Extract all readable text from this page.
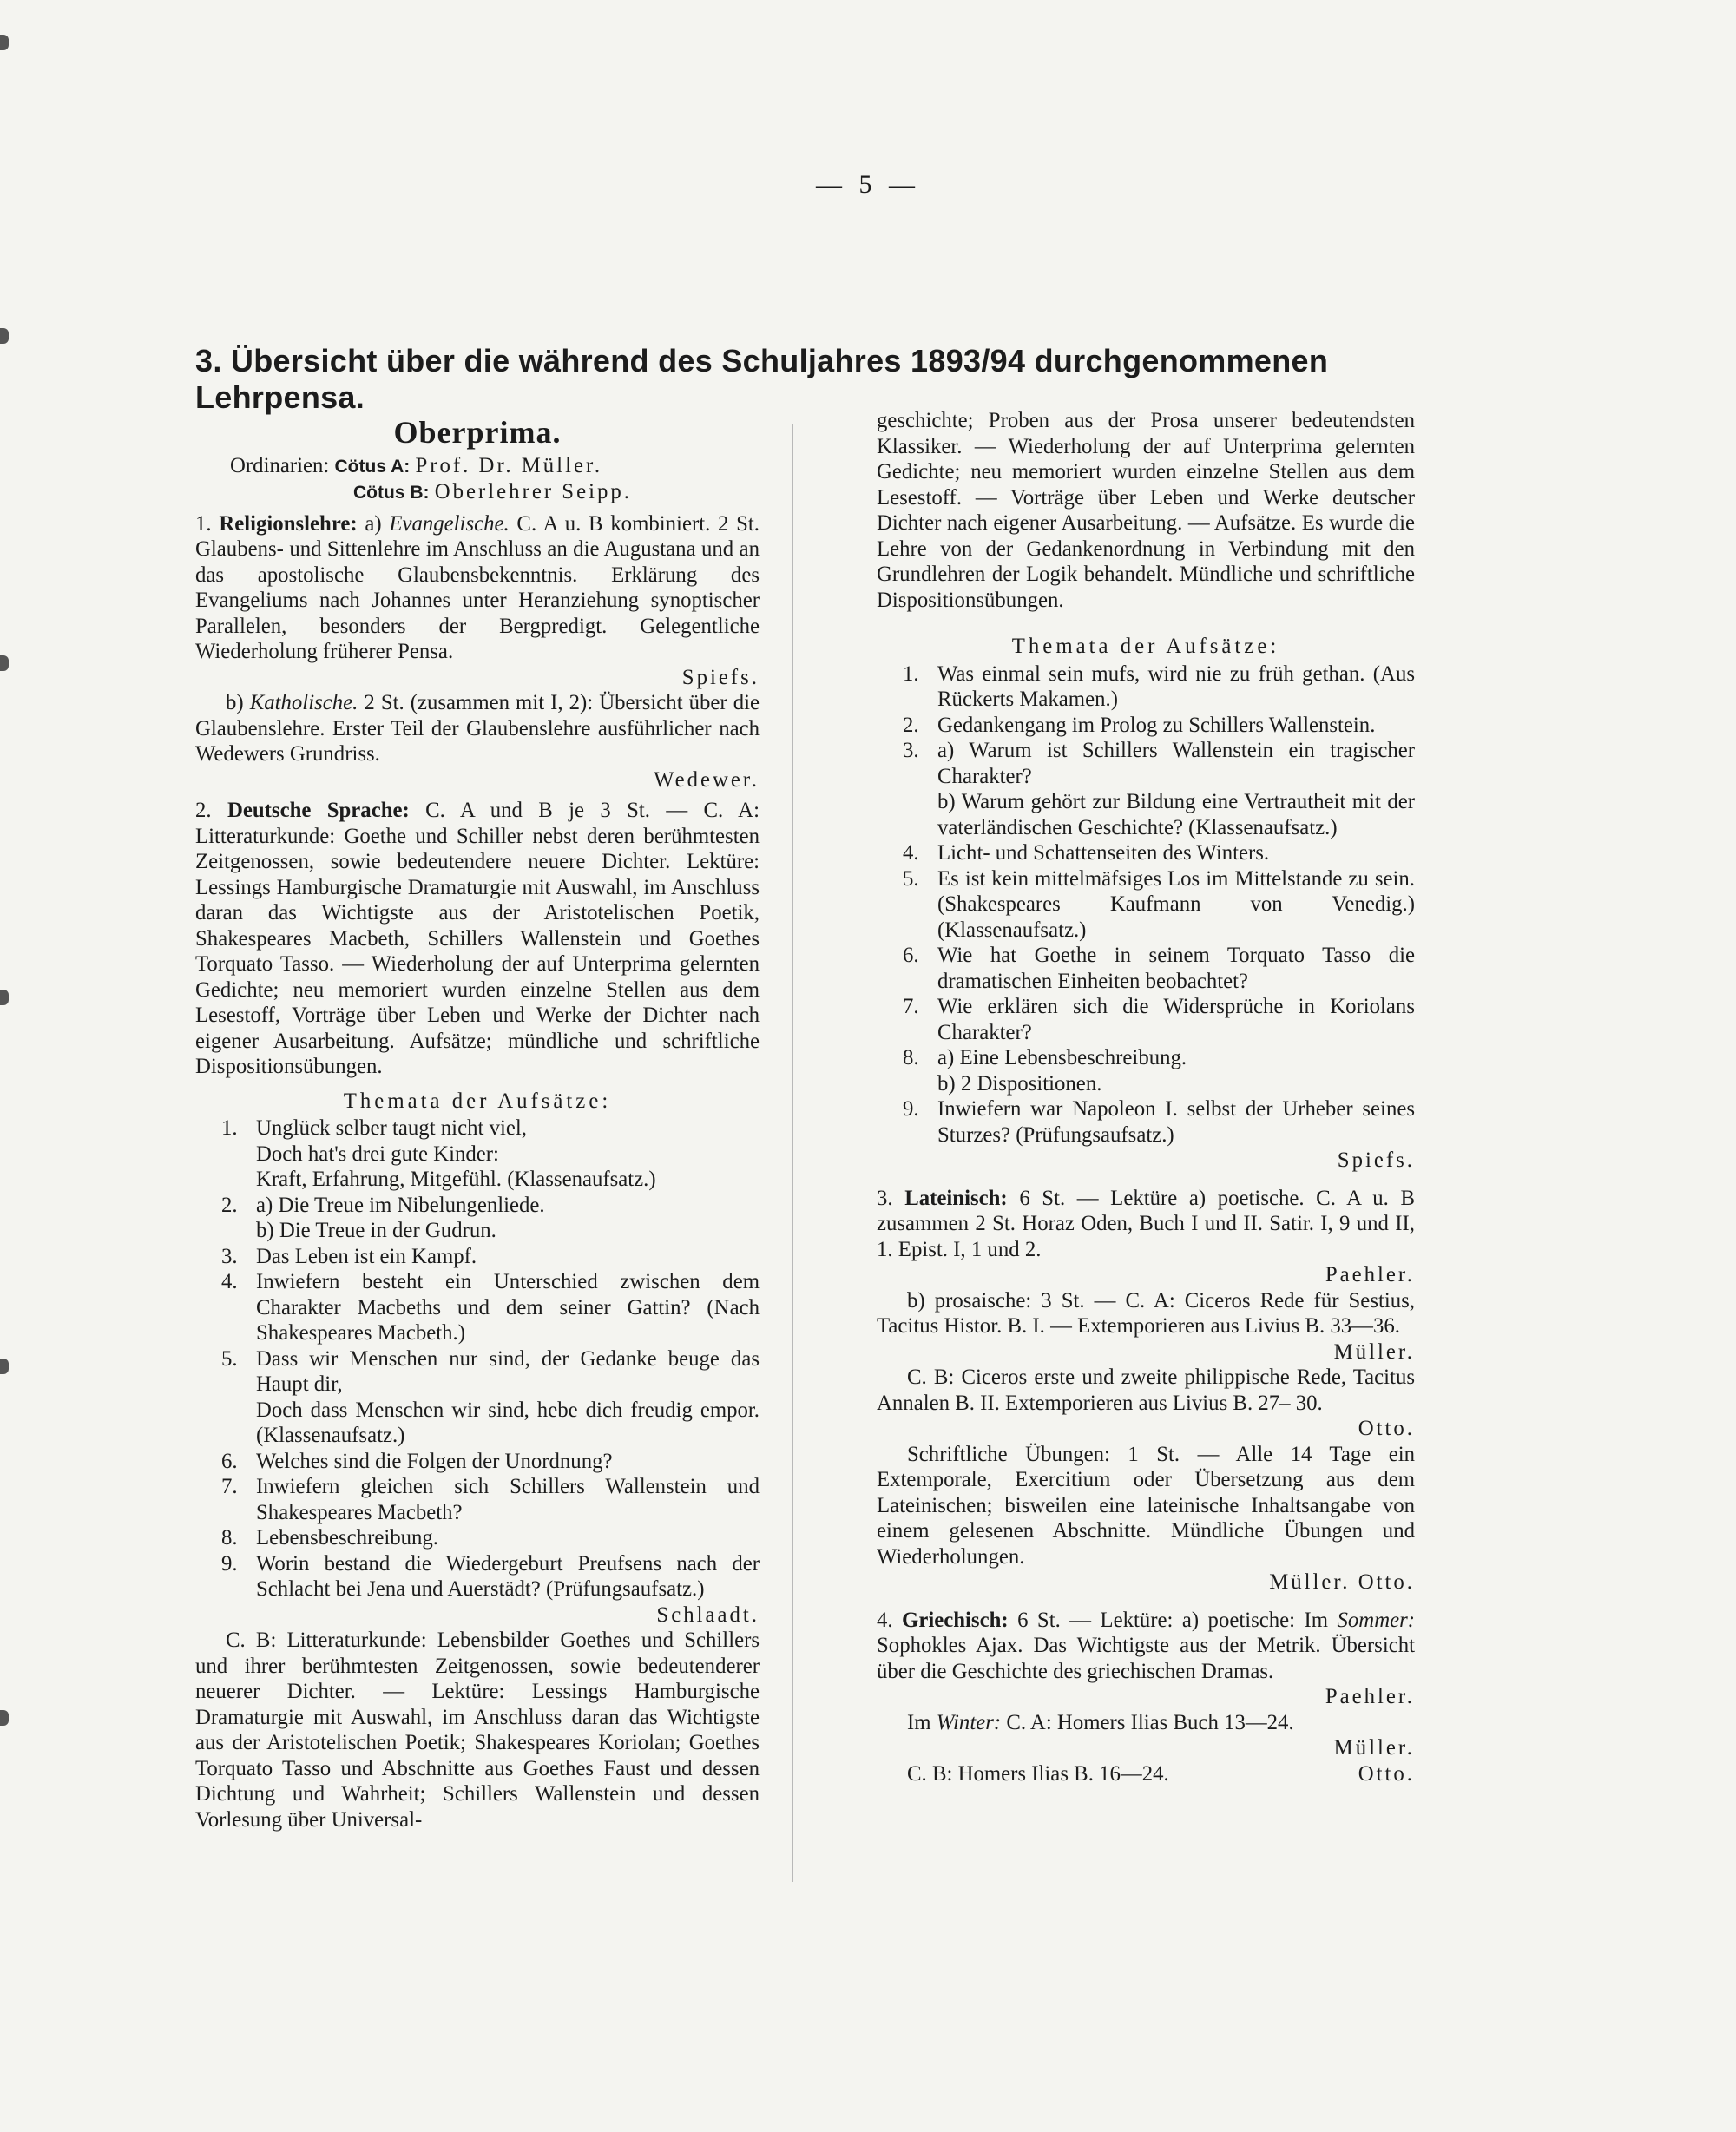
— 5 —
3. Übersicht über die während des Schuljahres 1893/94 durchgenommenen Lehrpensa.
Oberprima.

Ordinarien: Cötus A: Prof. Dr. Müller.

Cötus B: Oberlehrer Seipp.

1. Religionslehre: a) Evangelische. C. A u. B kombiniert. 2 St. Glaubens- und Sittenlehre im Anschluss an die Augustana und an das apostolische Glaubensbekenntnis. Erklärung des Evangeliums nach Johannes unter Heranziehung synoptischer Parallelen, besonders der Bergpredigt. Gelegentliche Wiederholung früherer Pensa.

Spiefs.

b) Katholische. 2 St. (zusammen mit I, 2): Übersicht über die Glaubenslehre. Erster Teil der Glaubenslehre ausführlicher nach Wedewers Grundriss.

Wedewer.

2. Deutsche Sprache: C. A und B je 3 St. — C. A: Litteraturkunde: Goethe und Schiller nebst deren berühmtesten Zeitgenossen, sowie bedeutendere neuere Dichter. Lektüre: Lessings Hamburgische Dramaturgie mit Auswahl, im Anschluss daran das Wichtigste aus der Aristotelischen Poetik, Shakespeares Macbeth, Schillers Wallenstein und Goethes Torquato Tasso. — Wiederholung der auf Unterprima gelernten Gedichte; neu memoriert wurden einzelne Stellen aus dem Lesestoff, Vorträge über Leben und Werke der Dichter nach eigener Ausarbeitung. Aufsätze; mündliche und schriftliche Dispositionsübungen.

Themata der Aufsätze:
1. Unglück selber taugt nicht viel,
Doch hat's drei gute Kinder:
Kraft, Erfahrung, Mitgefühl. (Klassenaufsatz.)
2. a) Die Treue im Nibelungenliede.
b) Die Treue in der Gudrun.
3. Das Leben ist ein Kampf.
4. Inwiefern besteht ein Unterschied zwischen dem Charakter Macbeths und dem seiner Gattin? (Nach Shakespeares Macbeth.)
5. Dass wir Menschen nur sind, der Gedanke beuge das Haupt dir,
Doch dass Menschen wir sind, hebe dich freudig empor. (Klassenaufsatz.)
6. Welches sind die Folgen der Unordnung?
7. Inwiefern gleichen sich Schillers Wallenstein und Shakespeares Macbeth?
8. Lebensbeschreibung.
9. Worin bestand die Wiedergeburt Preufsens nach der Schlacht bei Jena und Auerstädt? (Prüfungsaufsatz.)

Schlaadt.

C. B: Litteraturkunde: Lebensbilder Goethes und Schillers und ihrer berühmtesten Zeitgenossen, sowie bedeutenderer neuerer Dichter. — Lektüre: Lessings Hamburgische Dramaturgie mit Auswahl, im Anschluss daran das Wichtigste aus der Aristotelischen Poetik; Shakespeares Koriolan; Goethes Torquato Tasso und Abschnitte aus Goethes Faust und dessen Dichtung und Wahrheit; Schillers Wallenstein und dessen Vorlesung über Universal-

geschichte; Proben aus der Prosa unserer bedeutendsten Klassiker. — Wiederholung der auf Unterprima gelernten Gedichte; neu memoriert wurden einzelne Stellen aus dem Lesestoff. — Vorträge über Leben und Werke deutscher Dichter nach eigener Ausarbeitung. — Aufsätze. Es wurde die Lehre von der Gedankenordnung in Verbindung mit den Grundlehren der Logik behandelt. Mündliche und schriftliche Dispositionsübungen.

Themata der Aufsätze:
1. Was einmal sein mufs, wird nie zu früh gethan. (Aus Rückerts Makamen.)
2. Gedankengang im Prolog zu Schillers Wallenstein.
3. a) Warum ist Schillers Wallenstein ein tragischer Charakter?
b) Warum gehört zur Bildung eine Vertrautheit mit der vaterländischen Geschichte? (Klassenaufsatz.)
4. Licht- und Schattenseiten des Winters.
5. Es ist kein mittelmäfsiges Los im Mittelstande zu sein. (Shakespeares Kaufmann von Venedig.) (Klassenaufsatz.)
6. Wie hat Goethe in seinem Torquato Tasso die dramatischen Einheiten beobachtet?
7. Wie erklären sich die Widersprüche in Koriolans Charakter?
8. a) Eine Lebensbeschreibung.
b) 2 Dispositionen.
9. Inwiefern war Napoleon I. selbst der Urheber seines Sturzes? (Prüfungsaufsatz.)

Spiefs.

3. Lateinisch: 6 St. — Lektüre a) poetische. C. A u. B zusammen 2 St. Horaz Oden, Buch I und II. Satir. I, 9 und II, 1. Epist. I, 1 und 2.

Paehler.

b) prosaische: 3 St. — C. A: Ciceros Rede für Sestius, Tacitus Histor. B. I. — Extemporieren aus Livius B. 33—36.

Müller.

C. B: Ciceros erste und zweite philippische Rede, Tacitus Annalen B. II. Extemporieren aus Livius B. 27– 30.

Otto.

Schriftliche Übungen: 1 St. — Alle 14 Tage ein Extemporale, Exercitium oder Übersetzung aus dem Lateinischen; bisweilen eine lateinische Inhaltsangabe von einem gelesenen Abschnitte. Mündliche Übungen und Wiederholungen.

Müller. Otto.

4. Griechisch: 6 St. — Lektüre: a) poetische: Im Sommer: Sophokles Ajax. Das Wichtigste aus der Metrik. Übersicht über die Geschichte des griechischen Dramas.

Paehler.

Im Winter: C. A: Homers Ilias Buch 13—24.

Müller.

C. B: Homers Ilias B. 16—24.	Otto.
